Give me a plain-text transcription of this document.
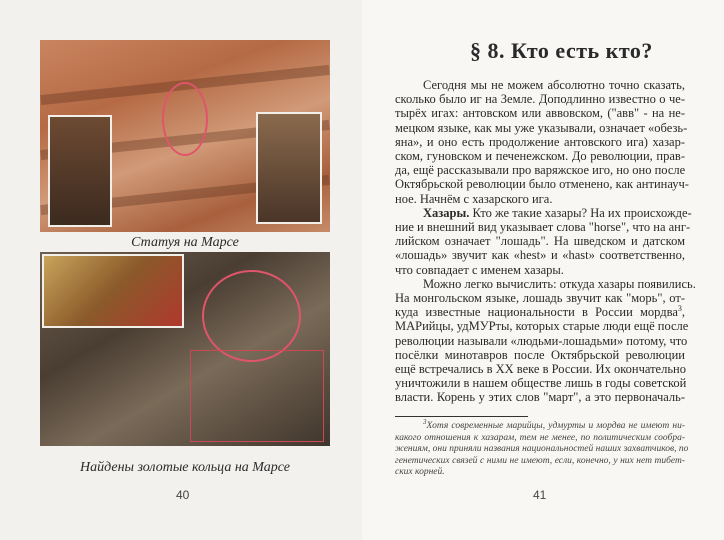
Статуя на Марсе
Найдены золотые кольца на Марсе
40
§ 8. Кто есть кто?
Сегодня мы не можем абсолютно точно сказать,
сколько было иг на Земле. Доподлинно известно о че-
тырёх игах: антовском или аввовском, ("авв" - на не-
мецком языке, как мы уже указывали, означает «обезь-
яна», и оно есть продолжение антовского ига) хазар-
ском, гуновском и печенежском. До революции, прав-
да, ещё рассказывали про варяжское иго, но оно после
Октябрьской революции было отменено, как антинауч-
ное. Начнём с хазарского ига.
Хазары. Кто же такие хазары? На их происхожде-
ние и внешний вид указывает слова "horse", что на анг-
лийском означает "лошадь". На шведском и датском
«лошадь» звучит как «hest» и «hast» соответственно,
что совпадает с именем хазары.
Можно легко вычислить: откуда хазары появились.
На монгольском языке, лошадь звучит как "морь", от-
куда известные национальности в России мордва$^3$,
МАРийцы, удМУРты, которых старые люди ещё после
революции называли «людьми-лошадьми» потому, что
посёлки минотавров после Октябрьской революции
ещё встречались в XX веке в России. Их окончательно
уничтожили в нашем обществе лишь в годы советской
власти. Корень у этих слов "март", а это первоначаль-
$^3$Хотя современные марийцы, удмурты и мордва не имеют ни-
какого отношения к хазарам, тем не менее, по политическим сообра-
жениям, они приняли названия национальностей наших захватчиков, по
генетических связей с ними не имеют, если, конечно, у них нет тибет-
ских корней.
41
